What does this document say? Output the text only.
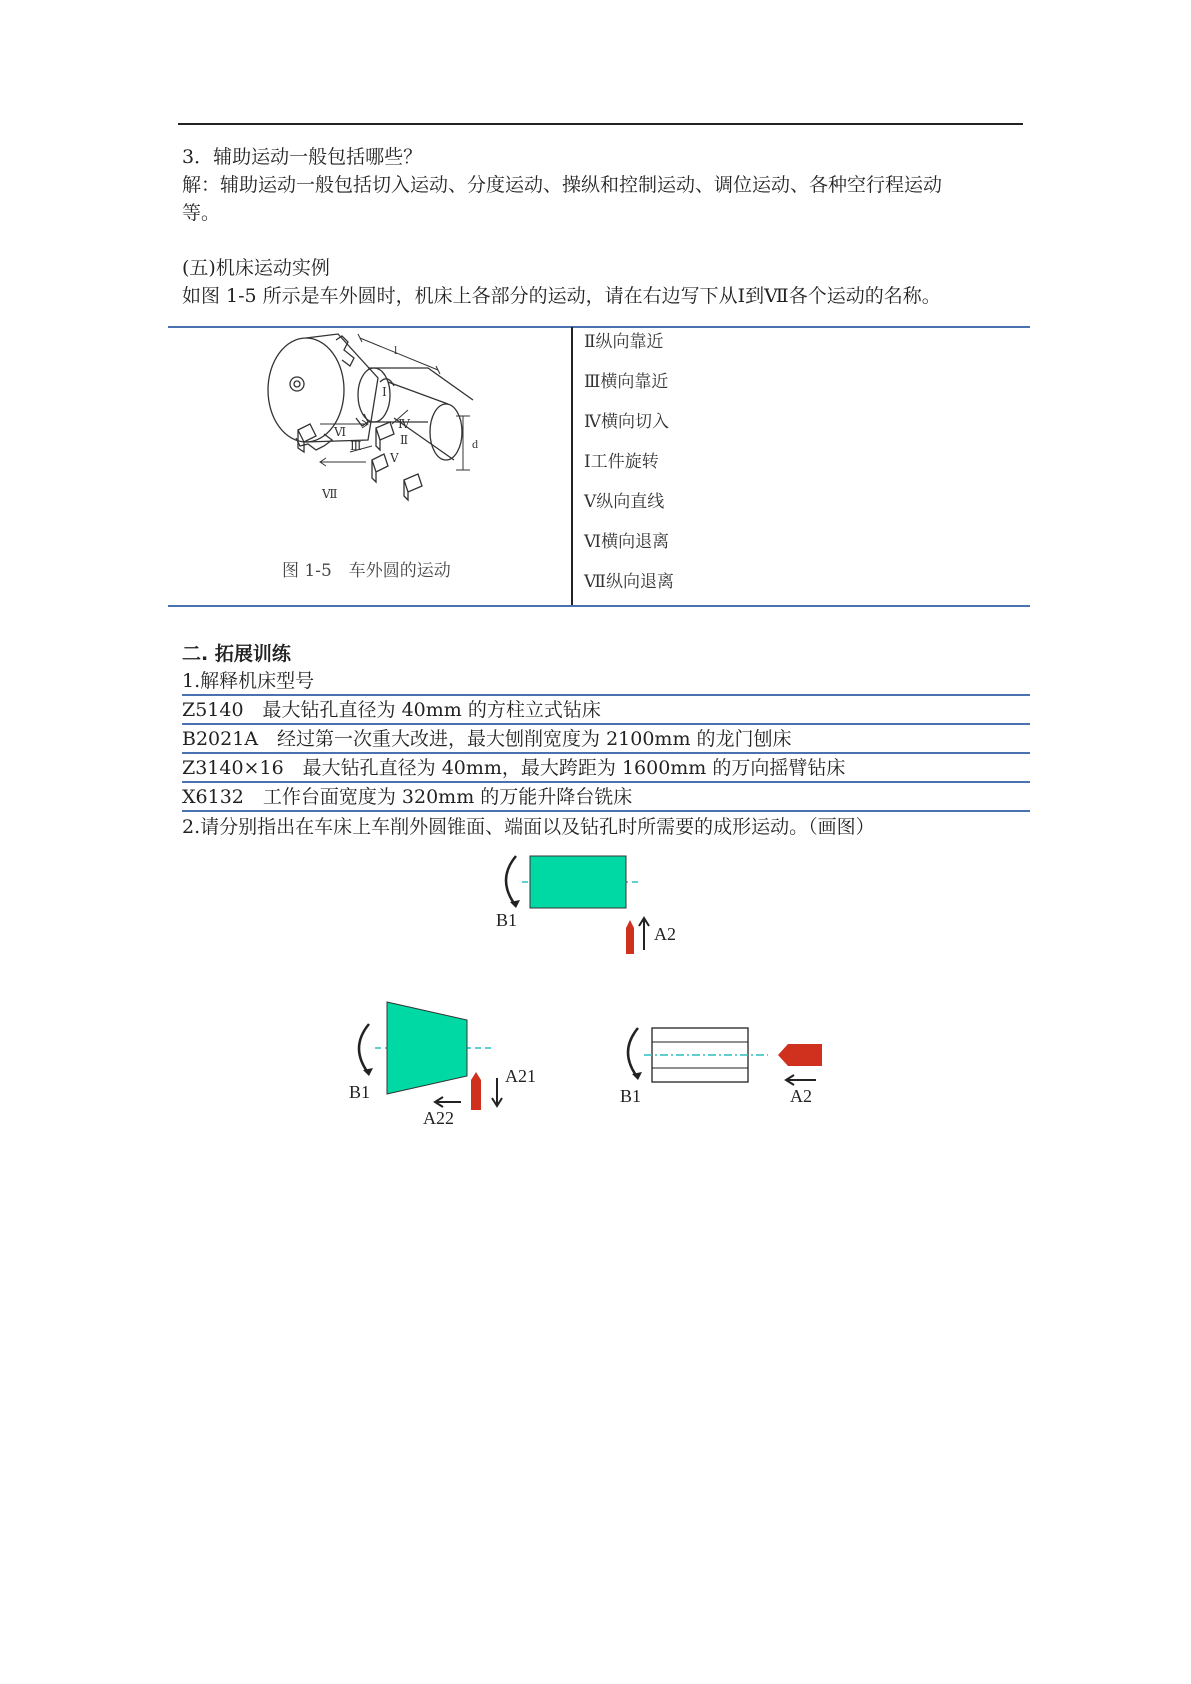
3．辅助运动一般包括哪些？
解：辅助运动一般包括切入运动、分度运动、操纵和控制运动、调位运动、各种空行程运动
等。
(五)机床运动实例
如图 1-5 所示是车外圆时，机床上各部分的运动，请在右边写下从Ⅰ到Ⅶ各个运动的名称。
l
d
Ⅰ
Ⅱ
Ⅲ
Ⅳ
Ⅴ
Ⅵ
Ⅶ
图 1-5　车外圆的运动
Ⅱ纵向靠近
Ⅲ横向靠近
Ⅳ横向切入
Ⅰ工件旋转
Ⅴ纵向直线
Ⅵ横向退离
Ⅶ纵向退离
二. 拓展训练
1.解释机床型号
Z5140　最大钻孔直径为 40mm 的方柱立式钻床
B2021A　经过第一次重大改进，最大刨削宽度为 2100mm 的龙门刨床
Z3140×16　最大钻孔直径为 40mm，最大跨距为 1600mm 的万向摇臂钻床
X6132　工作台面宽度为 320mm 的万能升降台铣床
2.请分别指出在车床上车削外圆锥面、端面以及钻孔时所需要的成形运动。（画图）
B1
A2
B1
A21
A22
B1	A2
